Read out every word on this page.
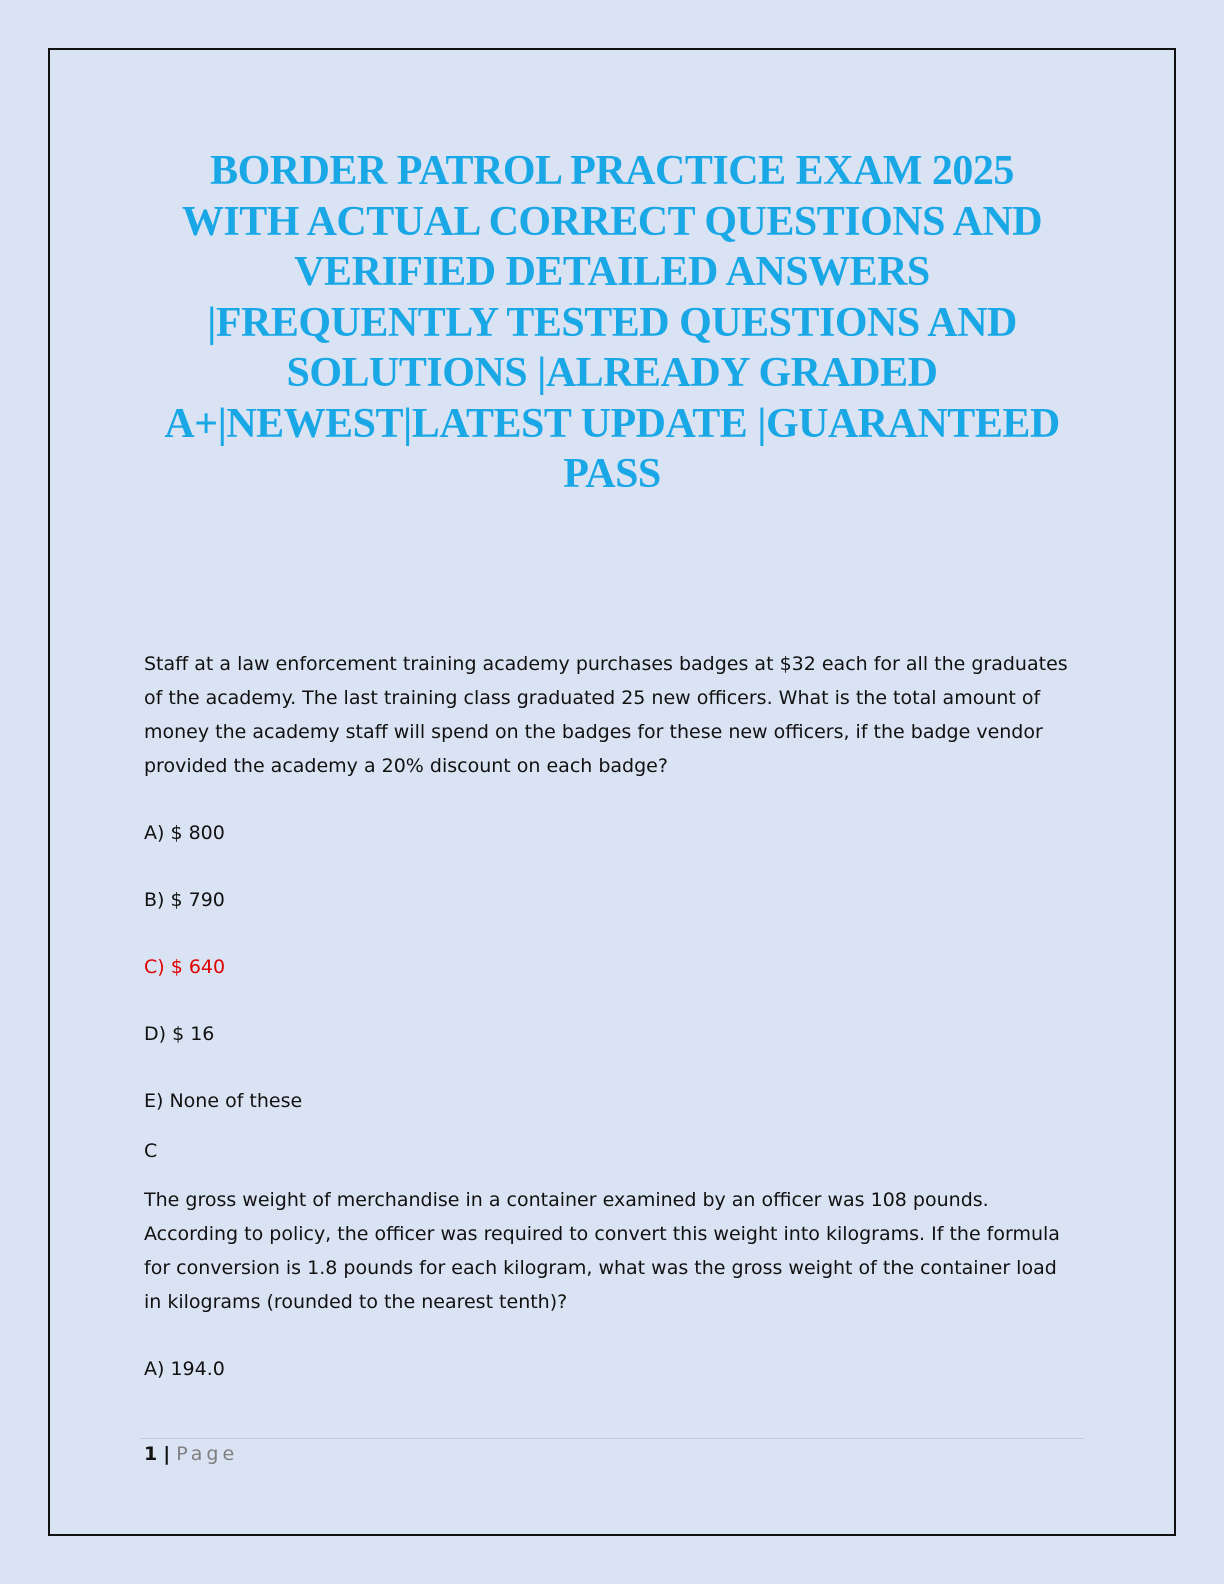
BORDER PATROL PRACTICE EXAM 2025
WITH ACTUAL CORRECT QUESTIONS AND
VERIFIED DETAILED ANSWERS
|FREQUENTLY TESTED QUESTIONS AND
SOLUTIONS |ALREADY GRADED
A+|NEWEST|LATEST UPDATE |GUARANTEED
PASS

Staff at a law enforcement training academy purchases badges at $32 each for all the graduates
of the academy. The last training class graduated 25 new officers. What is the total amount of
money the academy staff will spend on the badges for these new officers, if the badge vendor
provided the academy a 20% discount on each badge?

A) $ 800

B) $ 790

C) $ 640

D) $ 16

E) None of these

C

The gross weight of merchandise in a container examined by an officer was 108 pounds.
According to policy, the officer was required to convert this weight into kilograms. If the formula
for conversion is 1.8 pounds for each kilogram, what was the gross weight of the container load
in kilograms (rounded to the nearest tenth)?

A) 194.0

1 | Page
